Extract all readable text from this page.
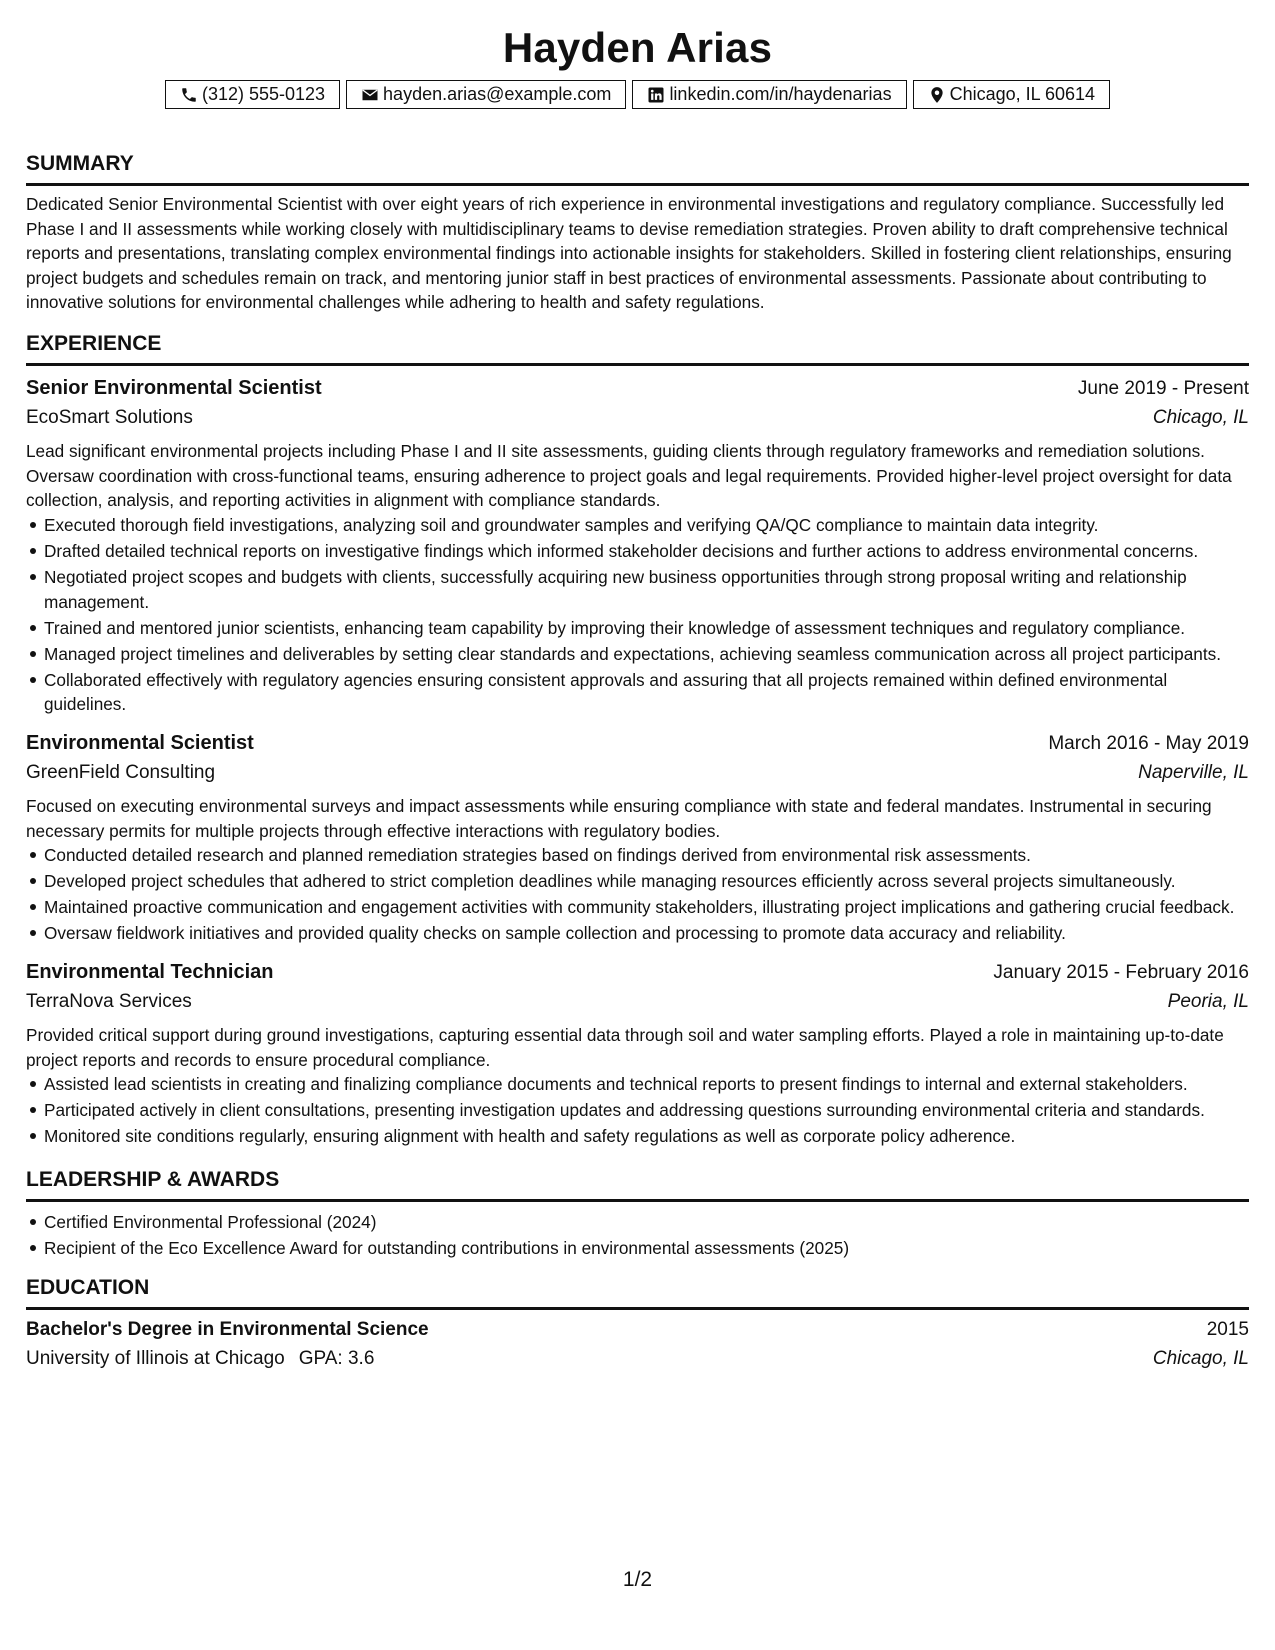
Hayden Arias
(312) 555-0123	hayden.arias@example.com	linkedin.com/in/haydenarias	Chicago, IL 60614
SUMMARY

Dedicated Senior Environmental Scientist with over eight years of rich experience in environmental investigations and regulatory compliance. Successfully led Phase I and II assessments while working closely with multidisciplinary teams to devise remediation strategies. Proven ability to draft comprehensive technical reports and presentations, translating complex environmental findings into actionable insights for stakeholders. Skilled in fostering client relationships, ensuring project budgets and schedules remain on track, and mentoring junior staff in best practices of environmental assessments. Passionate about contributing to innovative solutions for environmental challenges while adhering to health and safety regulations.

EXPERIENCE
Senior Environmental Scientist	June 2019 - Present
EcoSmart Solutions	Chicago, IL

Lead significant environmental projects including Phase I and II site assessments, guiding clients through regulatory frameworks and remediation solutions. Oversaw coordination with cross-functional teams, ensuring adherence to project goals and legal requirements. Provided higher-level project oversight for data collection, analysis, and reporting activities in alignment with compliance standards.

Executed thorough field investigations, analyzing soil and groundwater samples and verifying QA/QC compliance to maintain data integrity.
Drafted detailed technical reports on investigative findings which informed stakeholder decisions and further actions to address environmental concerns.
Negotiated project scopes and budgets with clients, successfully acquiring new business opportunities through strong proposal writing and relationship management.
Trained and mentored junior scientists, enhancing team capability by improving their knowledge of assessment techniques and regulatory compliance.
Managed project timelines and deliverables by setting clear standards and expectations, achieving seamless communication across all project participants.
Collaborated effectively with regulatory agencies ensuring consistent approvals and assuring that all projects remained within defined environmental guidelines.
Environmental Scientist	March 2016 - May 2019
GreenField Consulting	Naperville, IL

Focused on executing environmental surveys and impact assessments while ensuring compliance with state and federal mandates. Instrumental in securing necessary permits for multiple projects through effective interactions with regulatory bodies.

Conducted detailed research and planned remediation strategies based on findings derived from environmental risk assessments.
Developed project schedules that adhered to strict completion deadlines while managing resources efficiently across several projects simultaneously.
Maintained proactive communication and engagement activities with community stakeholders, illustrating project implications and gathering crucial feedback.
Oversaw fieldwork initiatives and provided quality checks on sample collection and processing to promote data accuracy and reliability.
Environmental Technician	January 2015 - February 2016
TerraNova Services	Peoria, IL

Provided critical support during ground investigations, capturing essential data through soil and water sampling efforts. Played a role in maintaining up-to-date project reports and records to ensure procedural compliance.

Assisted lead scientists in creating and finalizing compliance documents and technical reports to present findings to internal and external stakeholders.
Participated actively in client consultations, presenting investigation updates and addressing questions surrounding environmental criteria and standards.
Monitored site conditions regularly, ensuring alignment with health and safety regulations as well as corporate policy adherence.
LEADERSHIP & AWARDS
Certified Environmental Professional (2024)
Recipient of the Eco Excellence Award for outstanding contributions in environmental assessments (2025)
EDUCATION
Bachelor's Degree in Environmental Science	2015
University of Illinois at Chicago GPA: 3.6	Chicago, IL
1/2
